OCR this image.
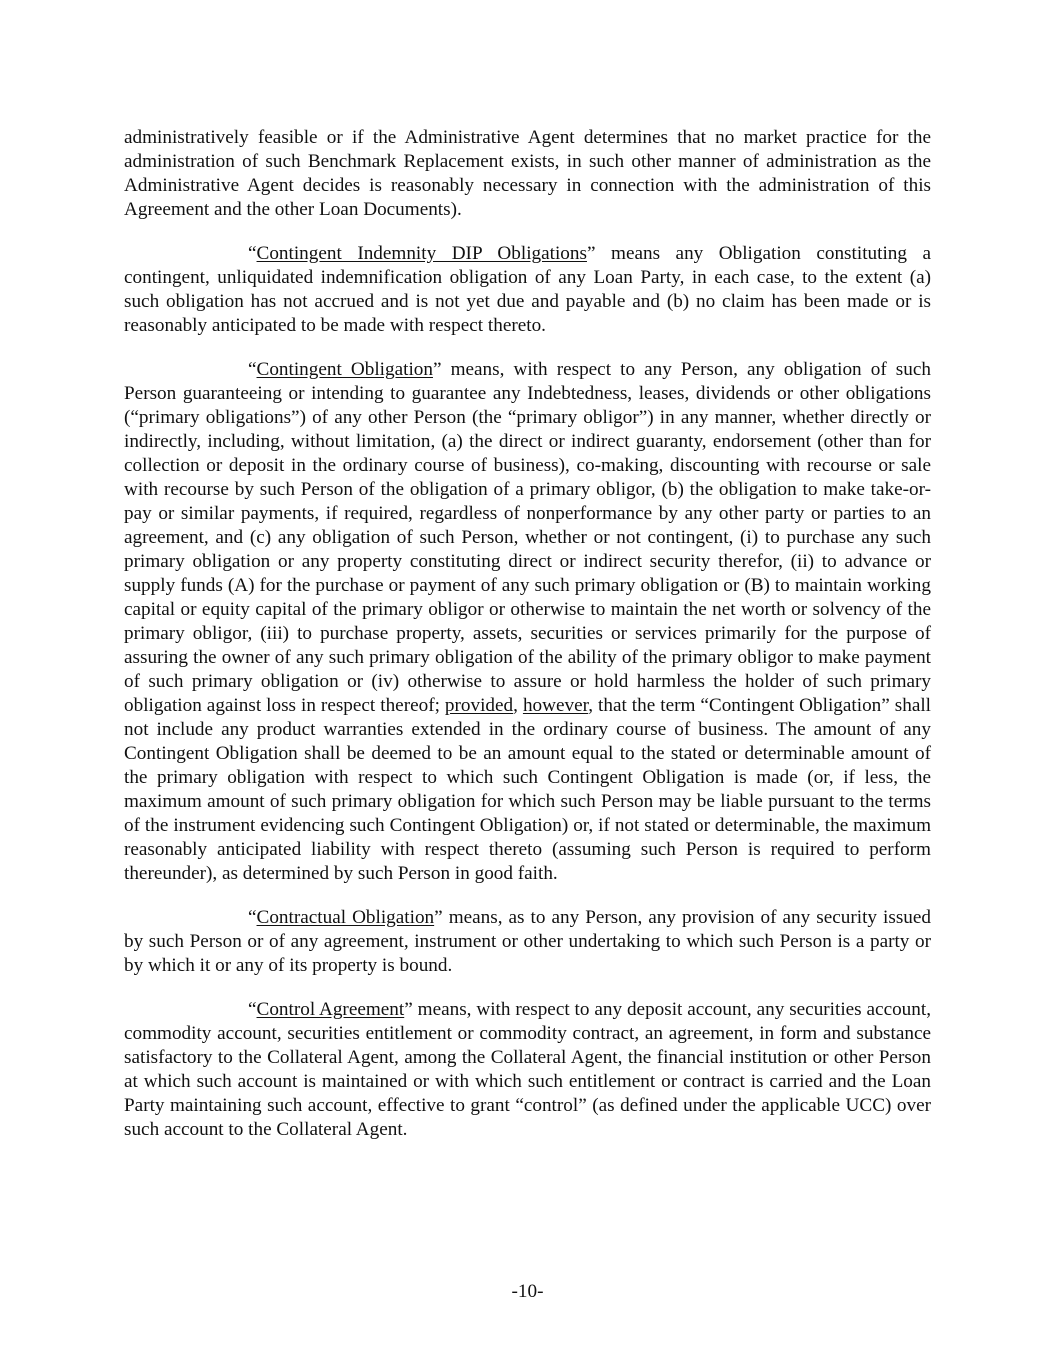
administratively feasible or if the Administrative Agent determines that no market practice for the administration of such Benchmark Replacement exists, in such other manner of administration as the Administrative Agent decides is reasonably necessary in connection with the administration of this Agreement and the other Loan Documents).

“Contingent Indemnity DIP Obligations” means any Obligation constituting a contingent, unliquidated indemnification obligation of any Loan Party, in each case, to the extent (a) such obligation has not accrued and is not yet due and payable and (b) no claim has been made or is reasonably anticipated to be made with respect thereto.

“Contingent Obligation” means, with respect to any Person, any obligation of such Person guaranteeing or intending to guarantee any Indebtedness, leases, dividends or other obligations (“primary obligations”) of any other Person (the “primary obligor”) in any manner, whether directly or indirectly, including, without limitation, (a) the direct or indirect guaranty, endorsement (other than for collection or deposit in the ordinary course of business), co-making, discounting with recourse or sale with recourse by such Person of the obligation of a primary obligor, (b) the obligation to make take-or-pay or similar payments, if required, regardless of nonperformance by any other party or parties to an agreement, and (c) any obligation of such Person, whether or not contingent, (i) to purchase any such primary obligation or any property constituting direct or indirect security therefor, (ii) to advance or supply funds (A) for the purchase or payment of any such primary obligation or (B) to maintain working capital or equity capital of the primary obligor or otherwise to maintain the net worth or solvency of the primary obligor, (iii) to purchase property, assets, securities or services primarily for the purpose of assuring the owner of any such primary obligation of the ability of the primary obligor to make payment of such primary obligation or (iv) otherwise to assure or hold harmless the holder of such primary obligation against loss in respect thereof; provided, however, that the term “Contingent Obligation” shall not include any product warranties extended in the ordinary course of business. The amount of any Contingent Obligation shall be deemed to be an amount equal to the stated or determinable amount of the primary obligation with respect to which such Contingent Obligation is made (or, if less, the maximum amount of such primary obligation for which such Person may be liable pursuant to the terms of the instrument evidencing such Contingent Obligation) or, if not stated or determinable, the maximum reasonably anticipated liability with respect thereto (assuming such Person is required to perform thereunder), as determined by such Person in good faith.

“Contractual Obligation” means, as to any Person, any provision of any security issued by such Person or of any agreement, instrument or other undertaking to which such Person is a party or by which it or any of its property is bound.

“Control Agreement” means, with respect to any deposit account, any securities account, commodity account, securities entitlement or commodity contract, an agreement, in form and substance satisfactory to the Collateral Agent, among the Collateral Agent, the financial institution or other Person at which such account is maintained or with which such entitlement or contract is carried and the Loan Party maintaining such account, effective to grant “control” (as defined under the applicable UCC) over such account to the Collateral Agent.

-10-
